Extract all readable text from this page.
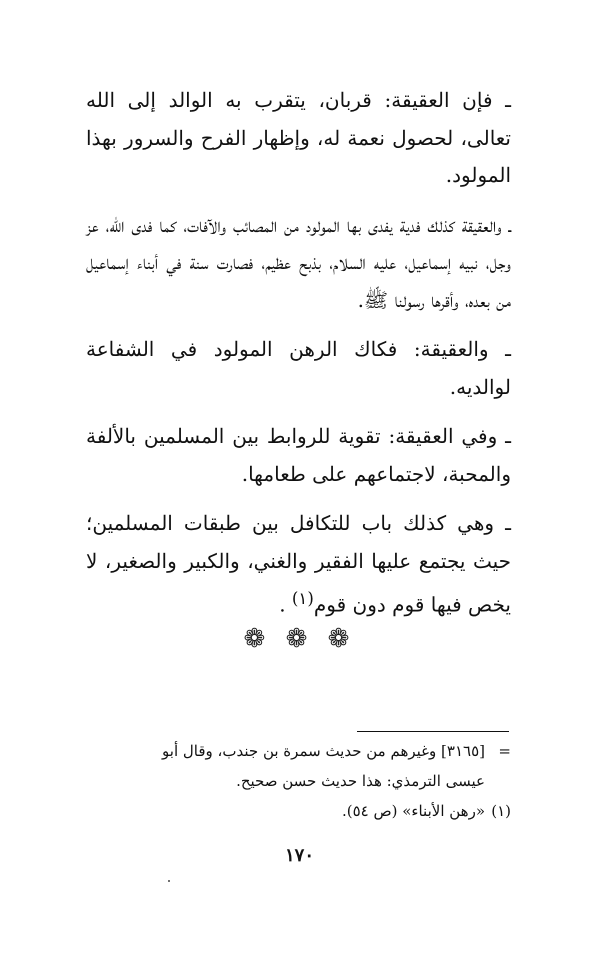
ـ فإن العقيقة: قربان، يتقرب به الوالد إلى الله تعالى، لحصول نعمة له، وإظهار الفرح والسرور بهذا المولود.

ـ والعقيقة كذلك فدية يفدى بها المولود من المصائب والآفات، كما فدى الله، عز وجل، نبيه إسماعيل، عليه السلام، بذبح عظيم، فصارت سنة في أبناء إسماعيل من بعده، وأقرها رسولنا ﷺ.

ـ والعقيقة: فكاك الرهن المولود في الشفاعة لوالديه.

ـ وفي العقيقة: تقوية للروابط بين المسلمين بالألفة والمحبة، لاجتماعهم على طعامها.

ـ وهي كذلك باب للتكافل بين طبقات المسلمين؛ حيث يجتمع عليها الفقير والغني، والكبير والصغير، لا يخص فيها قوم دون قوم$^{(١)}$ .

❁ ❁ ❁

=
[٣١٦٥] وغيرهم من حديث سمرة بن جندب، وقال أبو

عيسى الترمذي: هذا حديث حسن صحيح.

(١)
«رهن الأبناء» (ص ٥٤).

١٧٠
